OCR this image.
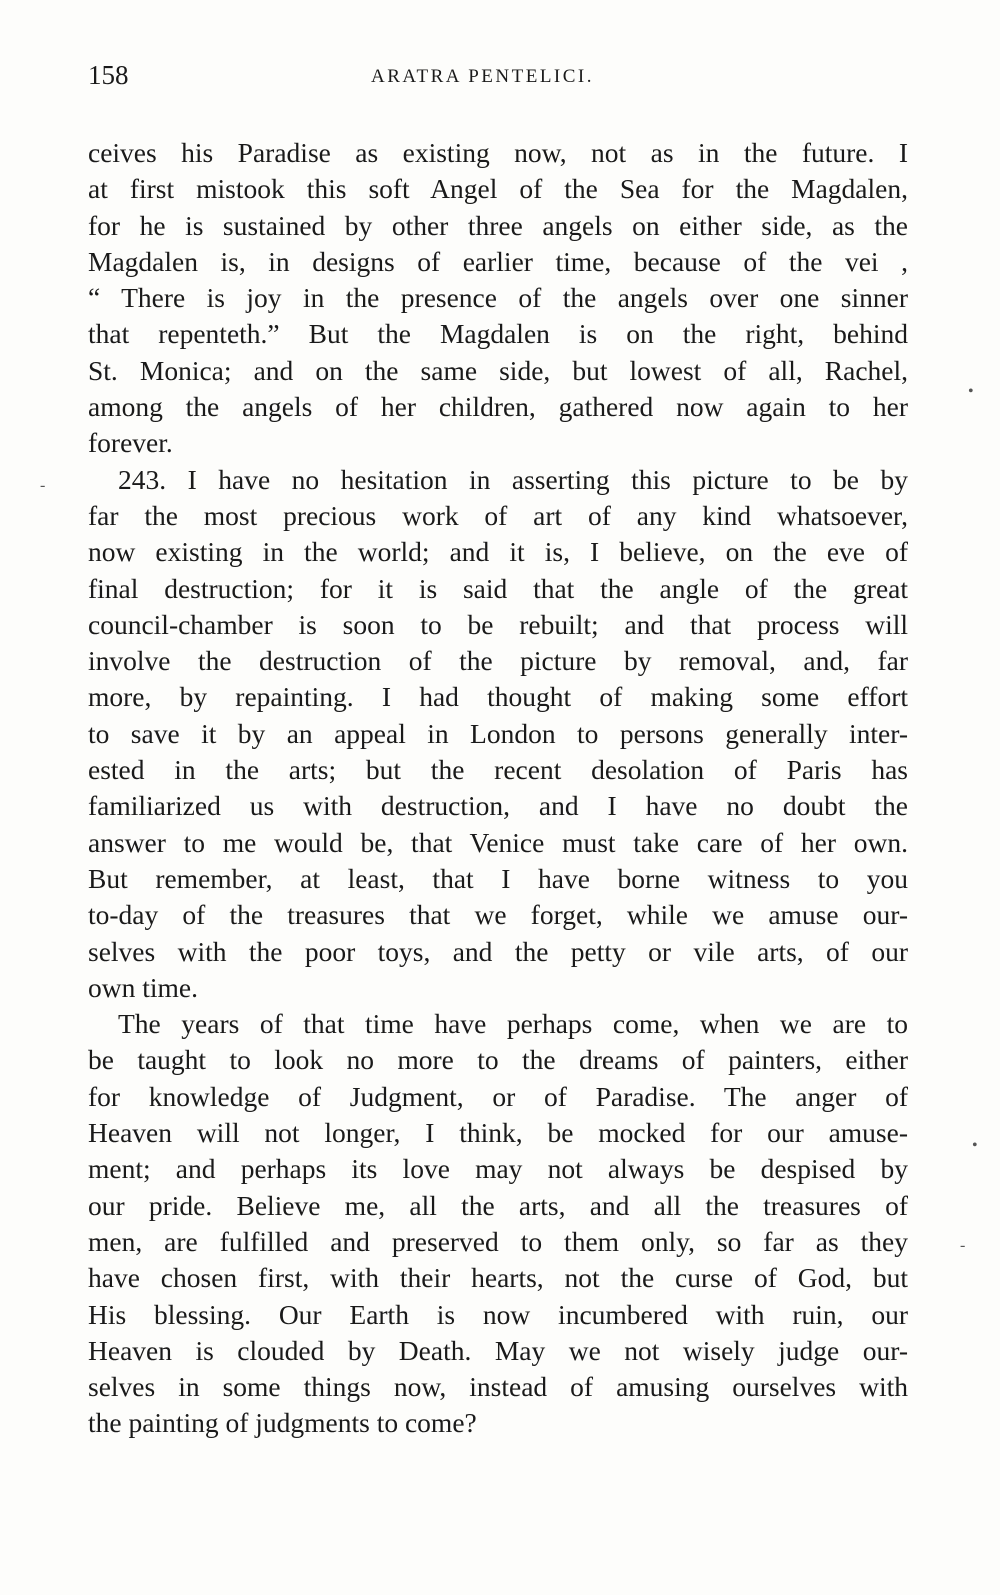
158	ARATRA PENTELICI.
ceives his Paradise as existing now, not as in the future. I
at first mistook this soft Angel of the Sea for the Magdalen,
for he is sustained by other three angels on either side, as the
Magdalen is, in designs of earlier time, because of the vei ,
“ There is joy in the presence of the angels over one sinner
that repenteth.” But the Magdalen is on the right, behind
St. Monica; and on the same side, but lowest of all, Rachel,
among the angels of her children, gathered now again to her
forever.
243. I have no hesitation in asserting this picture to be by
far the most precious work of art of any kind whatsoever,
now existing in the world; and it is, I believe, on the eve of
final destruction; for it is said that the angle of the great
council-chamber is soon to be rebuilt; and that process will
involve the destruction of the picture by removal, and, far
more, by repainting. I had thought of making some effort
to save it by an appeal in London to persons generally inter-
ested in the arts; but the recent desolation of Paris has
familiarized us with destruction, and I have no doubt the
answer to me would be, that Venice must take care of her own.
But remember, at least, that I have borne witness to you
to-day of the treasures that we forget, while we amuse our-
selves with the poor toys, and the petty or vile arts, of our
own time.
The years of that time have perhaps come, when we are to
be taught to look no more to the dreams of painters, either
for knowledge of Judgment, or of Paradise. The anger of
Heaven will not longer, I think, be mocked for our amuse-
ment; and perhaps its love may not always be despised by
our pride. Believe me, all the arts, and all the treasures of
men, are fulfilled and preserved to them only, so far as they
have chosen first, with their hearts, not the curse of God, but
His blessing. Our Earth is now incumbered with ruin, our
Heaven is clouded by Death. May we not wisely judge our-
selves in some things now, instead of amusing ourselves with
the painting of judgments to come?
•
-
•
-
